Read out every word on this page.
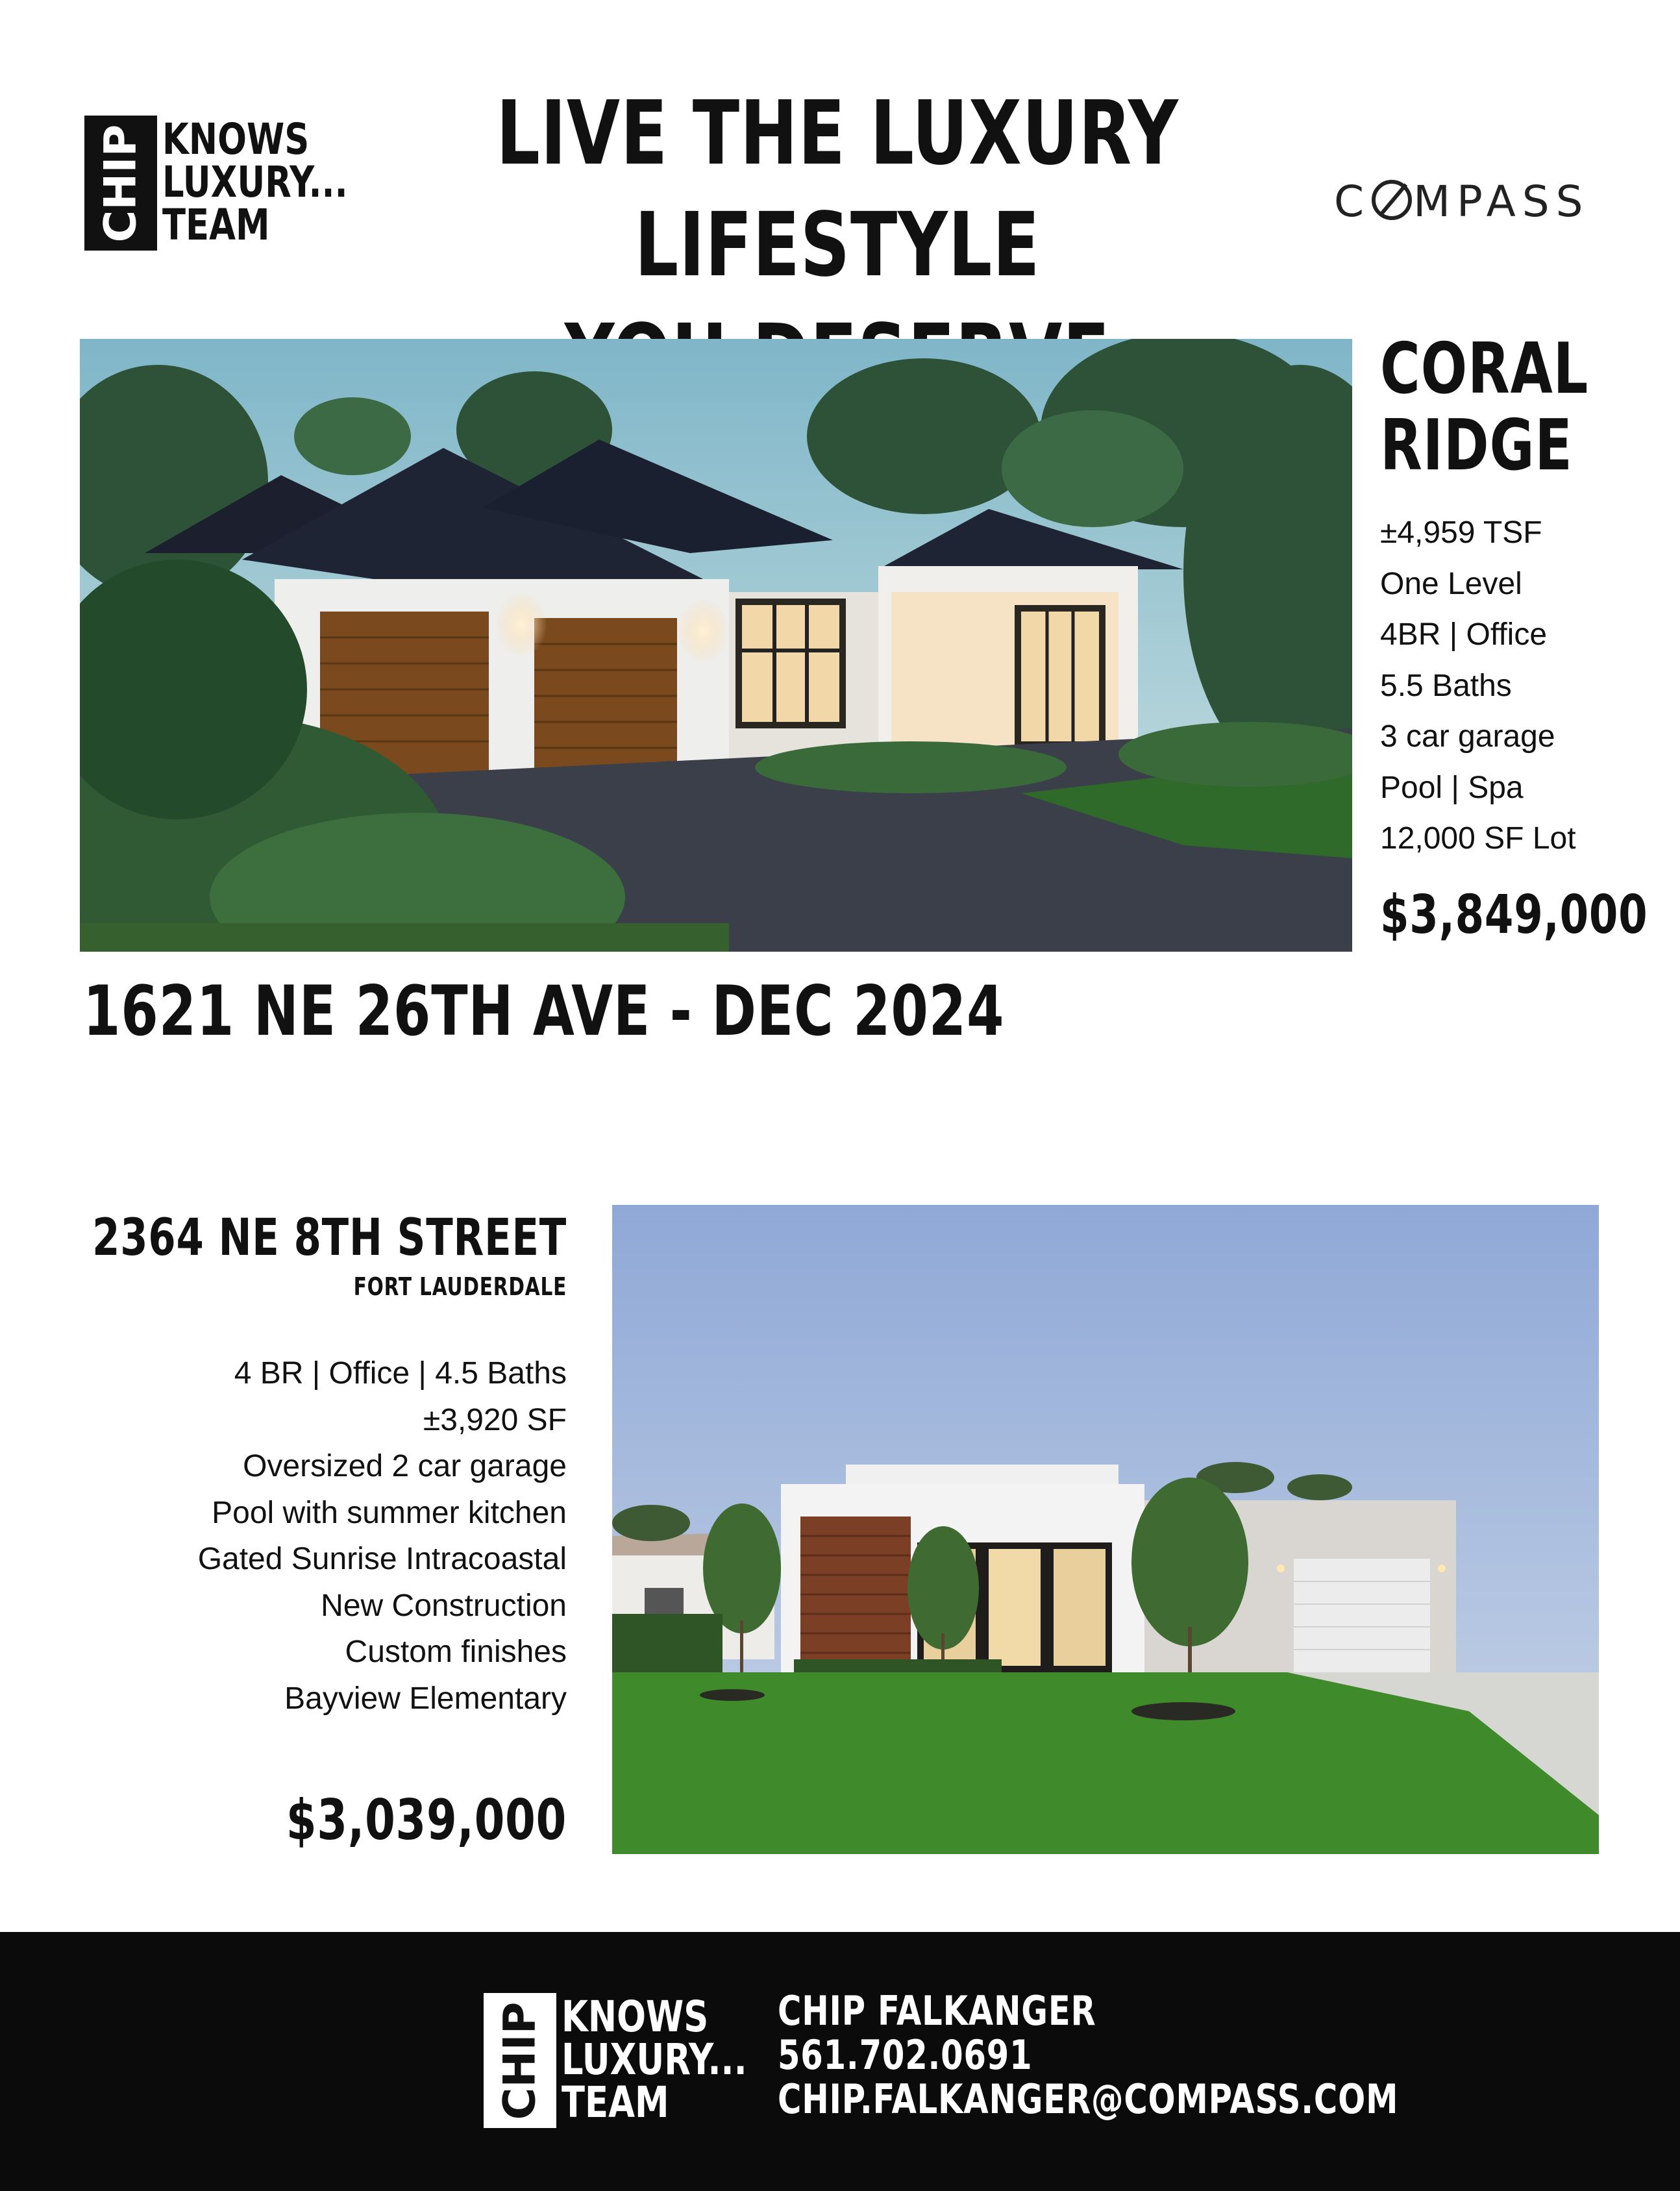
CHIP KNOWS
LUXURY...
TEAM
LIVE THE LUXURY LIFESTYLE	C MPASS
CORAL
RIDGE
±4,959 TSF
One Level
4BR | Office
5.5 Baths
3 car garage
Pool | Spa
12,000 SF Lot
$3,849,000
1621 NE 26TH AVE - DEC 2024
2364 NE 8TH STREET
FORT LAUDERDALE
4 BR | Office | 4.5 Baths
±3,920 SF
Oversized 2 car garage
Pool with summer kitchen
Gated Sunrise Intracoastal
New Construction
Custom finishes
Bayview Elementary
$3,039,000
CHIP KNOWS
LUXURY...
TEAM
CHIP FALKANGER
561.702.0691
CHIP.FALKANGER@COMPASS.COM
